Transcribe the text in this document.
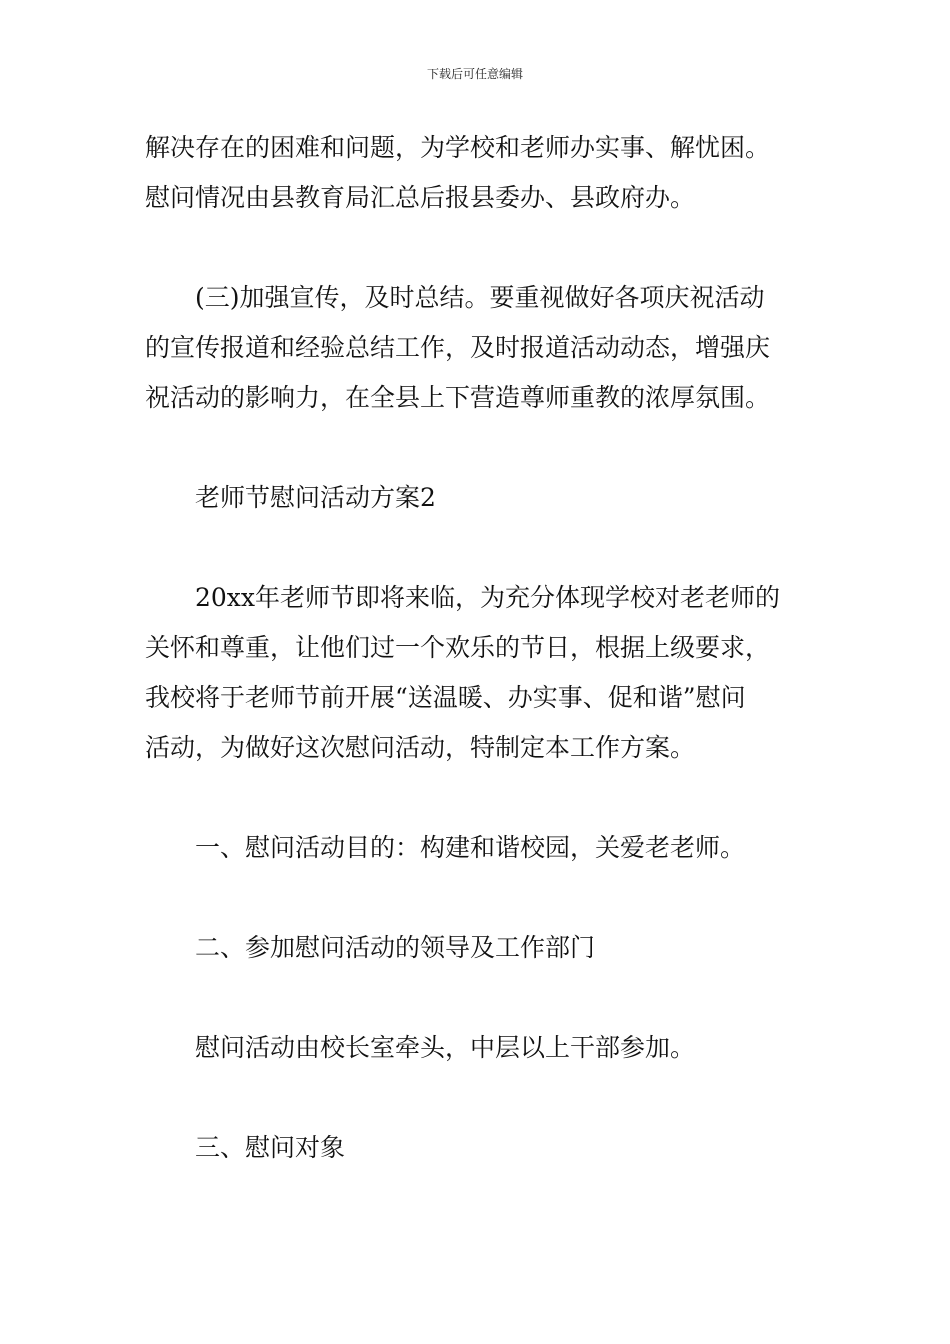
下载后可任意编辑
解决存在的困难和问题，为学校和老师办实事、解忧困。
慰问情况由县教育局汇总后报县委办、县政府办。
(三)加强宣传，及时总结。要重视做好各项庆祝活动
的宣传报道和经验总结工作，及时报道活动动态，增强庆
祝活动的影响力，在全县上下营造尊师重教的浓厚氛围。
老师节慰问活动方案2
20xx年老师节即将来临，为充分体现学校对老老师的
关怀和尊重，让他们过一个欢乐的节日，根据上级要求，
我校将于老师节前开展“送温暖、办实事、促和谐”慰问
活动，为做好这次慰问活动，特制定本工作方案。
一、慰问活动目的：构建和谐校园，关爱老老师。
二、参加慰问活动的领导及工作部门
慰问活动由校长室牵头，中层以上干部参加。
三、慰问对象
